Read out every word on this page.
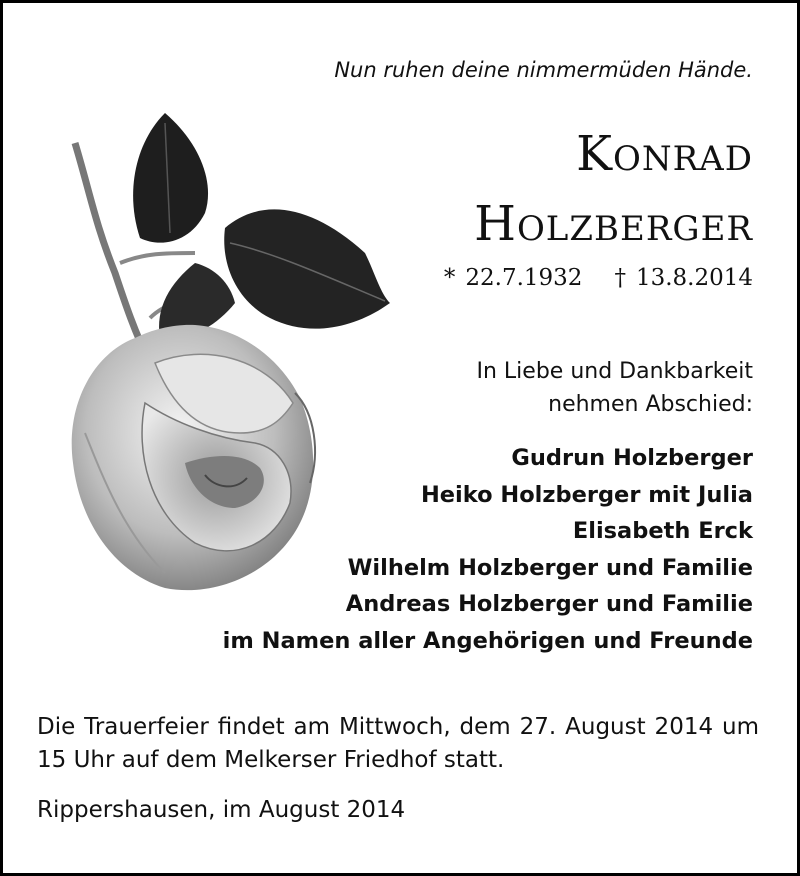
Nun ruhen deine nimmermüden Hände.
Konrad
Holzberger
* 22.7.1932 † 13.8.2014
In Liebe und Dankbarkeit
nehmen Abschied:
Gudrun Holzberger
Heiko Holzberger mit Julia
Elisabeth Erck
Wilhelm Holzberger und Familie
Andreas Holzberger und Familie
im Namen aller Angehörigen und Freunde
Die Trauerfeier findet am Mittwoch, dem 27. August 2014 um 15 Uhr auf dem Melkerser Friedhof statt.
Rippershausen, im August 2014
